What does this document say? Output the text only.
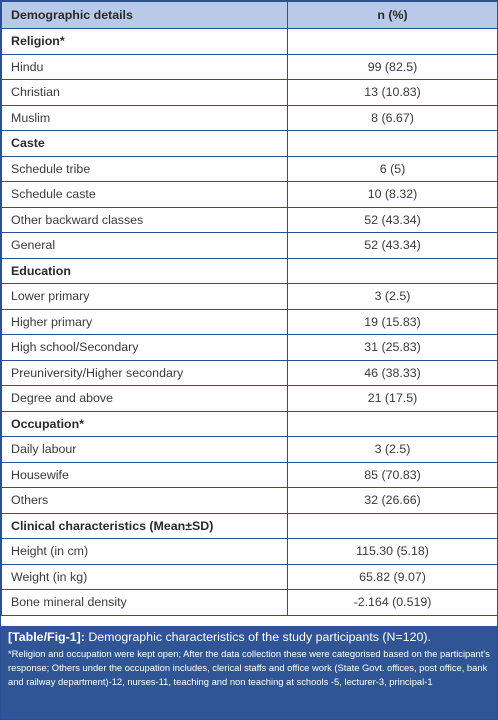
Demographic details	n (%)
Religion*	
Hindu	99 (82.5)
Christian	13 (10.83)
Muslim	8 (6.67)
Caste	
Schedule tribe	6 (5)
Schedule caste	10 (8.32)
Other backward classes	52 (43.34)
General	52 (43.34)
Education	
Lower primary	3 (2.5)
Higher primary	19 (15.83)
High school/Secondary	31 (25.83)
Preuniversity/Higher secondary	46 (38.33)
Degree and above	21 (17.5)
Occupation*	
Daily labour	3 (2.5)
Housewife	85 (70.83)
Others	32 (26.66)
Clinical characteristics (Mean±SD)	
Height (in cm)	115.30 (5.18)
Weight (in kg)	65.82 (9.07)
Bone mineral density	-2.164 (0.519)
[Table/Fig-1]: Demographic characteristics of the study participants (N=120).
*Religion and occupation were kept open; After the data collection these were categorised based on the participant's response; Others under the occupation includes, clerical staffs and office work (State Govt. offices, post office, bank and railway department)-12, nurses-11, teaching and non teaching at schools -5, lecturer-3, principal-1
